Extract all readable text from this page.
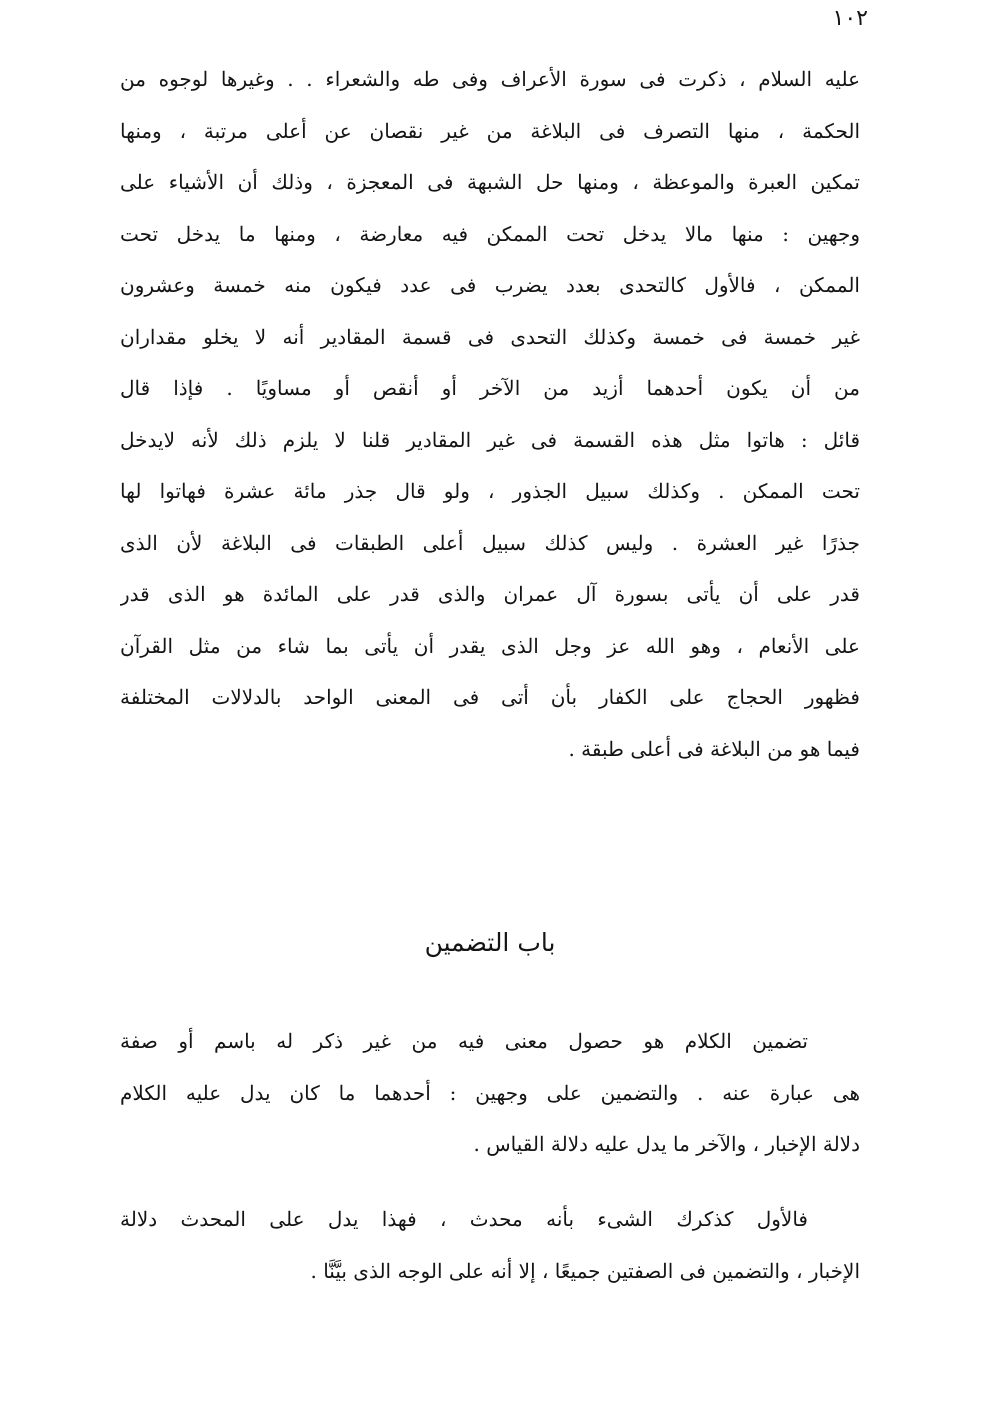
١٠٢
عليه السلام ، ذكرت فى سورة الأعراف وفى طه والشعراء . . وغيرها لوجوه من
الحكمة ، منها التصرف فى البلاغة من غير نقصان عن أعلى مرتبة ، ومنها
تمكين العبرة والموعظة ، ومنها حل الشبهة فى المعجزة ، وذلك أن الأشياء على
وجهين : منها مالا يدخل تحت الممكن فيه معارضة ، ومنها ما يدخل تحت
الممكن ، فالأول كالتحدى بعدد يضرب فى عدد فيكون منه خمسة وعشرون
غير خمسة فى خمسة وكذلك التحدى فى قسمة المقادير أنه لا يخلو مقداران
من أن يكون أحدهما أزيد من الآخر أو أنقص أو مساويًا . فإذا قال
قائل : هاتوا مثل هذه القسمة فى غير المقادير قلنا لا يلزم ذلك لأنه لايدخل
تحت الممكن . وكذلك سبيل الجذور ، ولو قال جذر مائة عشرة فهاتوا لها
جذرًا غير العشرة . وليس كذلك سبيل أعلى الطبقات فى البلاغة لأن الذى
قدر على أن يأتى بسورة آل عمران والذى قدر على المائدة هو الذى قدر
على الأنعام ، وهو الله عز وجل الذى يقدر أن يأتى بما شاء من مثل القرآن
فظهور الحجاج على الكفار بأن أتى فى المعنى الواحد بالدلالات المختلفة
فيما هو من البلاغة فى أعلى طبقة .
باب التضمين
تضمين الكلام هو حصول معنى فيه من غير ذكر له باسم أو صفة
هى عبارة عنه . والتضمين على وجهين : أحدهما ما كان يدل عليه الكلام
دلالة الإخبار ، والآخر ما يدل عليه دلالة القياس .
فالأول كذكرك الشىء بأنه محدث ، فهذا يدل على المحدث دلالة
الإخبار ، والتضمين فى الصفتين جميعًا ، إلا أنه على الوجه الذى بيَّنَّا .
